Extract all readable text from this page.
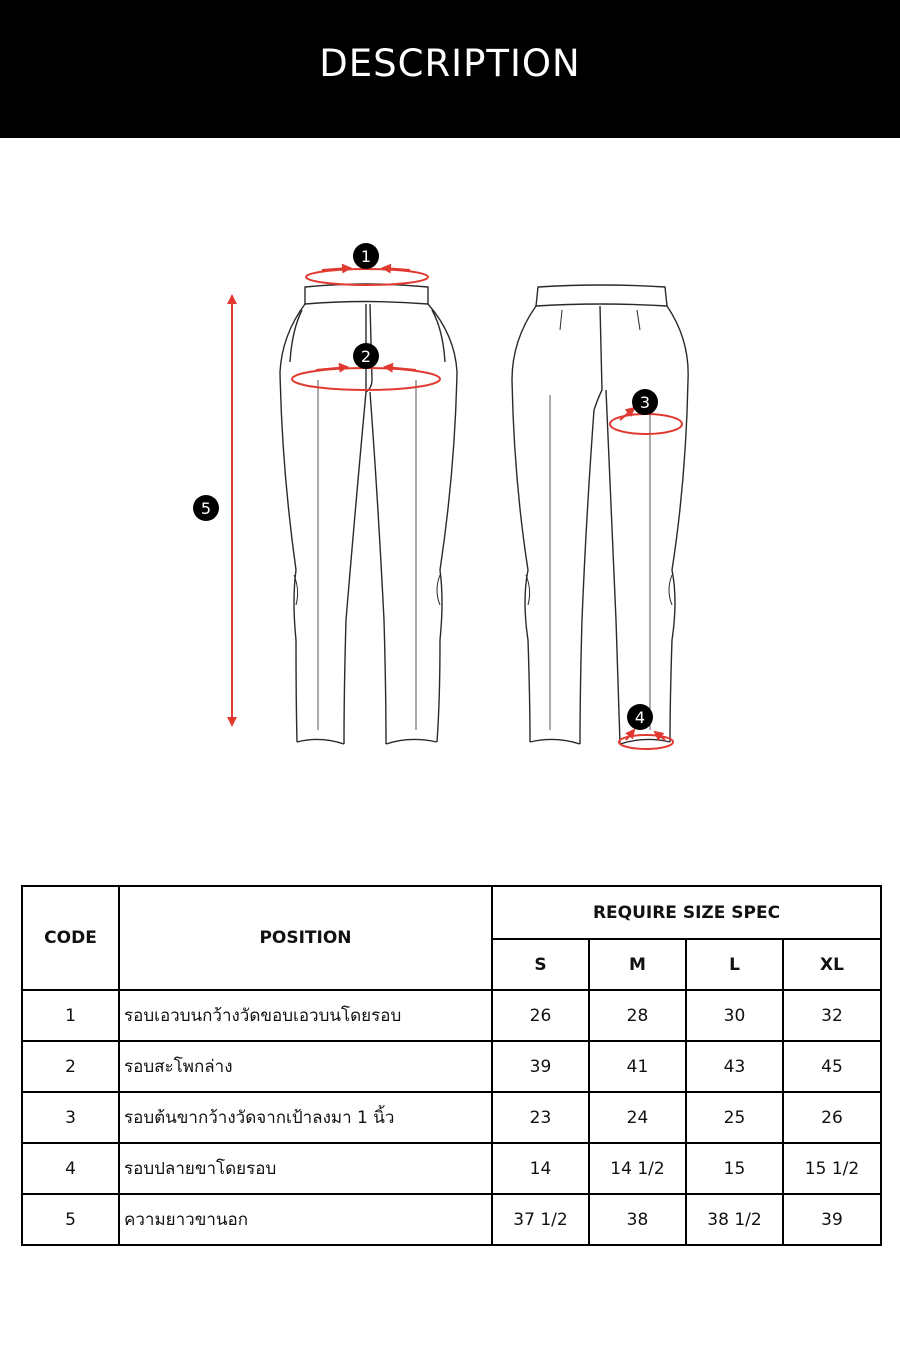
DESCRIPTION
1
2
3
4
5
CODE	POSITION	REQUIRE SIZE SPEC			
		S	M	L	XL
1	รอบเอวบนกว้างวัดขอบเอวบนโดยรอบ	26	28	30	32
2	รอบสะโพกล่าง	39	41	43	45
3	รอบต้นขากว้างวัดจากเป้าลงมา 1 นิ้ว	23	24	25	26
4	รอบปลายขาโดยรอบ	14	14 1/2	15	15 1/2
5	ความยาวขานอก	37 1/2	38	38 1/2	39
